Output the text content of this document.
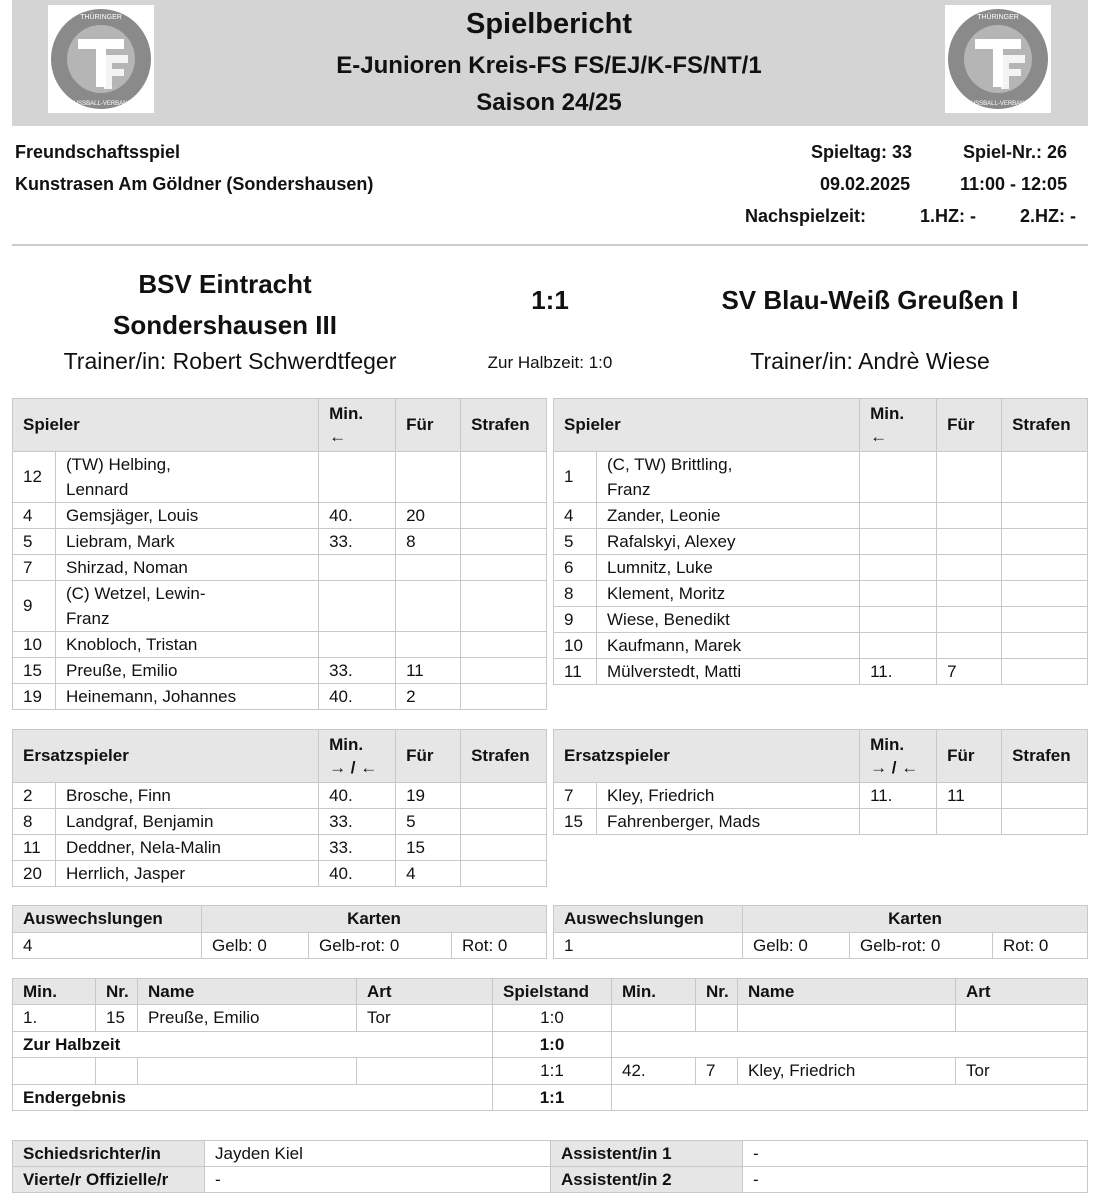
THÜRINGER
FUSSBALL-VERBAND
THÜRINGER
FUSSBALL-VERBAND
Spielbericht
E-Junioren Kreis-FS FS/EJ/K-FS/NT/1
Saison 24/25
Freundschaftsspiel
Kunstrasen Am Göldner (Sondershausen)
Spieltag: 33	Spiel-Nr.: 26
09.02.2025	11:00 - 12:05
Nachspielzeit:	1.HZ: - 2.HZ: -
BSV Eintracht
Sondershausen III
1:1	SV Blau-Weiß Greußen I
Trainer/in: Robert Schwerdtfeger	Zur Halbzeit: 1:0	Trainer/in: Andrè Wiese
Spieler		Min.
←	Für	Strafen
12	(TW) Helbing,
Lennard			
4	Gemsjäger, Louis	40.	20	
5	Liebram, Mark	33.	8	
7	Shirzad, Noman			
9	(C) Wetzel, Lewin-
Franz			
10	Knobloch, Tristan			
15	Preuße, Emilio	33.	11	
19	Heinemann, Johannes	40.	2	
Spieler		Min.
←	Für	Strafen
1	(C, TW) Brittling,
Franz			
4	Zander, Leonie			
5	Rafalskyi, Alexey			
6	Lumnitz, Luke			
8	Klement, Moritz			
9	Wiese, Benedikt			
10	Kaufmann, Marek			
11	Mülverstedt, Matti	11.	7	
Ersatzspieler		Min.
→ / ←	Für	Strafen
2	Brosche, Finn	40.	19	
8	Landgraf, Benjamin	33.	5	
11	Deddner, Nela-Malin	33.	15	
20	Herrlich, Jasper	40.	4	
Ersatzspieler		Min.
→ / ←	Für	Strafen
7	Kley, Friedrich	11.	11	
15	Fahrenberger, Mads			
Auswechslungen	Karten		
4	Gelb: 0	Gelb-rot: 0	Rot: 0
Auswechslungen	Karten		
1	Gelb: 0	Gelb-rot: 0	Rot: 0
Min.	Nr.	Name	Art	Spielstand	Min.	Nr.	Name	Art
1.	15	Preuße, Emilio	Tor	1:0				
Zur Halbzeit				1:0				
				1:1	42.	7	Kley, Friedrich	Tor
Endergebnis				1:1				
Schiedsrichter/in	Jayden Kiel	Assistent/in 1	-
Vierte/r Offizielle/r	-	Assistent/in 2	-
